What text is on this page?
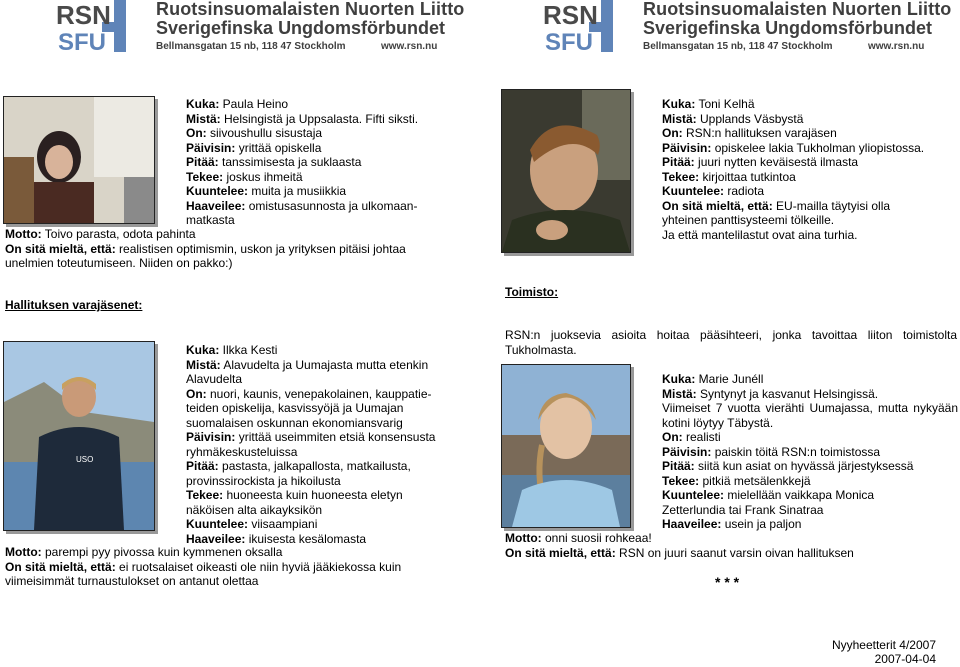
RSN
SFU
Ruotsinsuomalaisten Nuorten Liitto
Sverigefinska Ungdomsförbundet
Bellmansgatan 15 nb, 118 47 Stockholm	www.rsn.nu
RSN
SFU
Ruotsinsuomalaisten Nuorten Liitto
Sverigefinska Ungdomsförbundet
Bellmansgatan 15 nb, 118 47 Stockholm	www.rsn.nu
Kuka: Paula Heino
Mistä: Helsingistä ja Uppsalasta. Fifti siksti.
On: siivoushullu sisustaja
Päivisin: yrittää opiskella
Pitää: tanssimisesta ja suklaasta
Tekee: joskus ihmeitä
Kuuntelee: muita ja musiikkia
Haaveilee: omistusasunnosta ja ulkomaan-
matkasta
Motto: Toivo parasta, odota pahinta
On sitä mieltä, että: realistisen optimismin, uskon ja yrityksen pitäisi johtaa
unelmien toteutumiseen. Niiden on pakko:)
Hallituksen varajäsenet:
USO
Kuka: Ilkka Kesti
Mistä: Alavudelta ja Uumajasta mutta etenkin
Alavudelta
On: nuori, kaunis, venepakolainen, kauppatie-
teiden opiskelija, kasvissyöjä ja Uumajan
suomalaisen oskunnan ekonomiansvarig
Päivisin: yrittää useimmiten etsiä konsensusta
ryhmäkeskusteluissa
Pitää: pastasta, jalkapallosta, matkailusta,
provinssirockista ja hikoilusta
Tekee: huoneesta kuin huoneesta eletyn
näköisen alta aikayksikön
Kuuntelee: viisaampiani
Haaveilee: ikuisesta kesälomasta
Motto: parempi pyy pivossa kuin kymmenen oksalla
On sitä mieltä, että: ei ruotsalaiset oikeasti ole niin hyviä jääkiekossa kuin
viimeisimmät turnaustulokset on antanut olettaa
Kuka: Toni Kelhä
Mistä: Upplands Väsbystä
On: RSN:n hallituksen varajäsen
Päivisin: opiskelee lakia Tukholman yliopistossa.
Pitää: juuri nytten keväisestä ilmasta
Tekee: kirjoittaa tutkintoa
Kuuntelee: radiota
On sitä mieltä, että: EU-mailla täytyisi olla
yhteinen panttisysteemi tölkeille.
Ja että mantelilastut ovat aina turhia.
Toimisto:
RSN:n juoksevia asioita hoitaa pääsihteeri, jonka tavoittaa liiton toimistolta Tukholmasta.
Kuka: Marie Junéll
Mistä: Syntynyt ja kasvanut Helsingissä.
Viimeiset 7 vuotta vierähti Uumajassa, mutta nykyään kotini löytyy Täbystä.
On: realisti
Päivisin: paiskin töitä RSN:n toimistossa
Pitää: siitä kun asiat on hyvässä järjestyksessä
Tekee: pitkiä metsälenkkejä
Kuuntelee: mielellään vaikkapa Monica
Zetterlundia tai Frank Sinatraa
Haaveilee: usein ja paljon
Motto: onni suosii rohkeaa!
On sitä mieltä, että: RSN on juuri saanut varsin oivan hallituksen
* * *
Nyyheetterit 4/2007
2007-04-04
